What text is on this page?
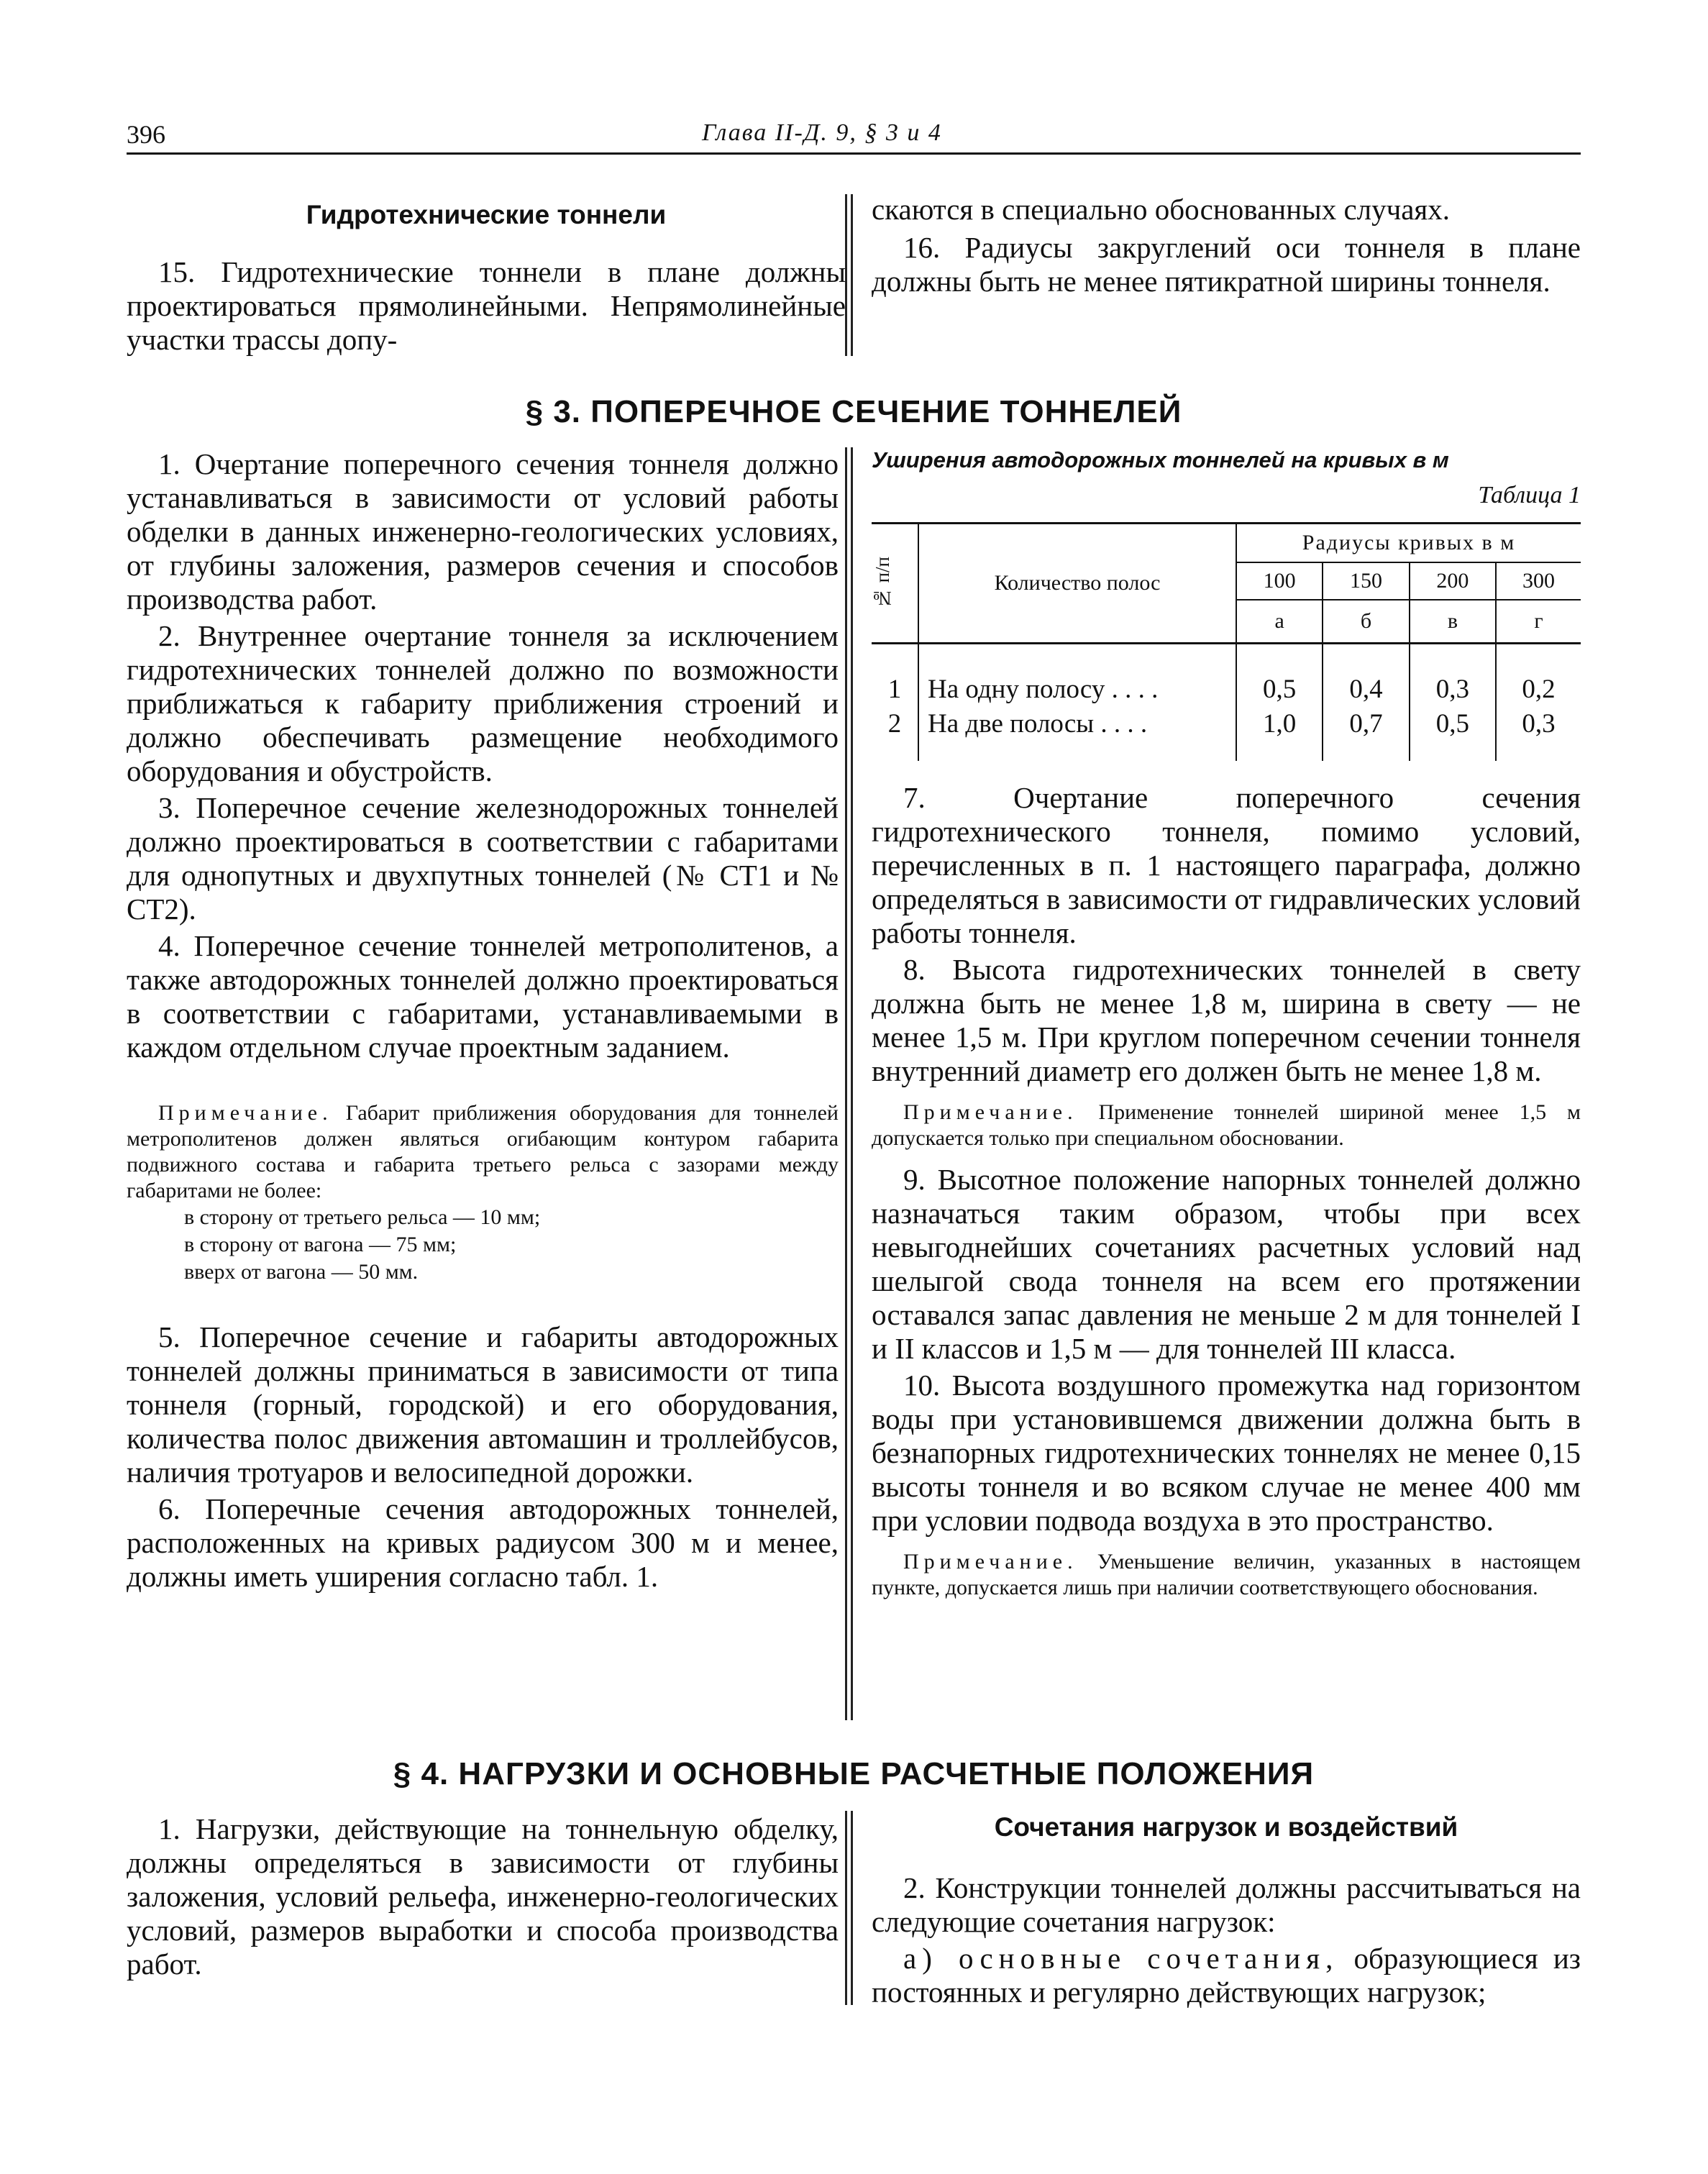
396	Глава II-Д. 9, § 3 и 4
Гидротехнические тоннели

15. Гидротехнические тоннели в плане должны проектироваться прямолинейными. Непрямолинейные участки трассы допу-

скаются в специально обоснованных случаях.

16. Радиусы закруглений оси тоннеля в плане должны быть не менее пятикратной ширины тоннеля.

§ 3. ПОПЕРЕЧНОЕ СЕЧЕНИЕ ТОННЕЛЕЙ

1. Очертание поперечного сечения тоннеля должно устанавливаться в зависимости от условий работы обделки в данных инженерно-геологических условиях, от глубины заложения, размеров сечения и способов производства работ.

2. Внутреннее очертание тоннеля за исключением гидротехнических тоннелей должно по возможности приближаться к габариту приближения строений и должно обеспечивать размещение необходимого оборудования и обустройств.

3. Поперечное сечение железнодорожных тоннелей должно проектироваться в соответствии с габаритами для однопутных и двухпутных тоннелей (№ СТ1 и № СТ2).

4. Поперечное сечение тоннелей метрополитенов, а также автодорожных тоннелей должно проектироваться в соответствии с габаритами, устанавливаемыми в каждом отдельном случае проектным заданием.

Примечание. Габарит приближения оборудования для тоннелей метрополитенов должен являться огибающим контуром габарита подвижного состава и габарита третьего рельса с зазорами между габаритами не более:

в сторону от третьего рельса — 10 мм;
в сторону от вагона — 75 мм;
вверх от вагона — 50 мм.

5. Поперечное сечение и габариты автодорожных тоннелей должны приниматься в зависимости от типа тоннеля (горный, городской) и его оборудования, количества полос движения автомашин и троллейбусов, наличия тротуаров и велосипедной дорожки.

6. Поперечные сечения автодорожных тоннелей, расположенных на кривых радиусом 300 м и менее, должны иметь уширения согласно табл. 1.

Уширения автодорожных тоннелей на кривых в м
Таблица 1
№ п/п	Количество полос	Радиусы кривых в м			
		100	150	200	300
		а	б	в	г
1	На одну полосу . . . .	0,5	0,4	0,3	0,2
2	На две полосы . . . .	1,0	0,7	0,5	0,3

7. Очертание поперечного сечения гидротехнического тоннеля, помимо условий, перечисленных в п. 1 настоящего параграфа, должно определяться в зависимости от гидравлических условий работы тоннеля.

8. Высота гидротехнических тоннелей в свету должна быть не менее 1,8 м, ширина в свету — не менее 1,5 м. При круглом поперечном сечении тоннеля внутренний диаметр его должен быть не менее 1,8 м.

Примечание. Применение тоннелей шириной менее 1,5 м допускается только при специальном обосновании.

9. Высотное положение напорных тоннелей должно назначаться таким образом, чтобы при всех невыгоднейших сочетаниях расчетных условий над шелыгой свода тоннеля на всем его протяжении оставался запас давления не меньше 2 м для тоннелей I и II классов и 1,5 м — для тоннелей III класса.

10. Высота воздушного промежутка над горизонтом воды при установившемся движении должна быть в безнапорных гидротехнических тоннелях не менее 0,15 высоты тоннеля и во всяком случае не менее 400 мм при условии подвода воздуха в это пространство.

Примечание. Уменьшение величин, указанных в настоящем пункте, допускается лишь при наличии соответствующего обоснования.

§ 4. НАГРУЗКИ И ОСНОВНЫЕ РАСЧЕТНЫЕ ПОЛОЖЕНИЯ

1. Нагрузки, действующие на тоннельную обделку, должны определяться в зависимости от глубины заложения, условий рельефа, инженерно-геологических условий, размеров выработки и способа производства работ.

Сочетания нагрузок и воздействий

2. Конструкции тоннелей должны рассчитываться на следующие сочетания нагрузок:

а) основные сочетания, образующиеся из постоянных и регулярно действующих нагрузок;
